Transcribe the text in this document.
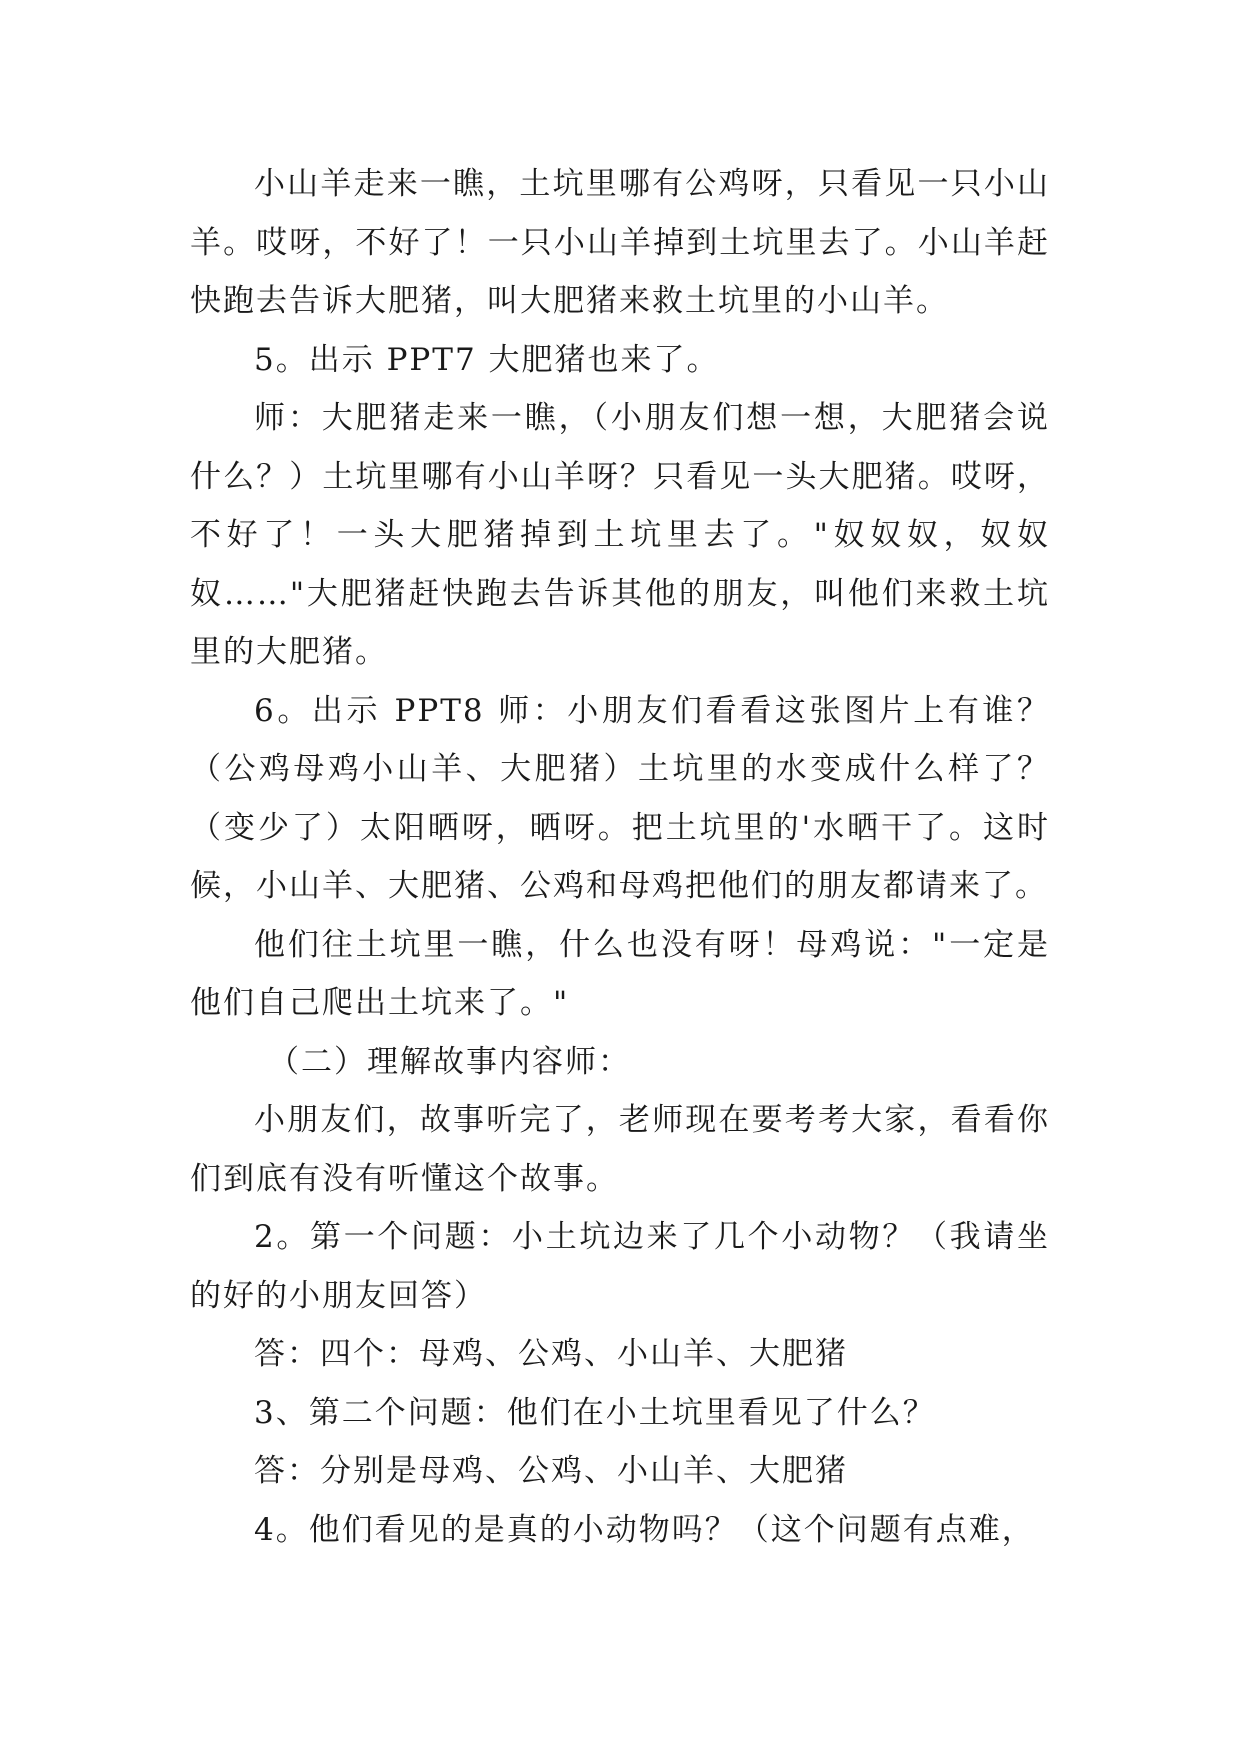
小山羊走来一瞧，土坑里哪有公鸡呀，只看见一只小山羊。哎呀，不好了！一只小山羊掉到土坑里去了。小山羊赶快跑去告诉大肥猪，叫大肥猪来救土坑里的小山羊。

5。出示 PPT7 大肥猪也来了。

师：大肥猪走来一瞧，（小朋友们想一想，大肥猪会说什么？）土坑里哪有小山羊呀？只看见一头大肥猪。哎呀，不好了！一头大肥猪掉到土坑里去了。"奴奴奴，奴奴奴……"大肥猪赶快跑去告诉其他的朋友，叫他们来救土坑里的大肥猪。

6。出示 PPT8 师：小朋友们看看这张图片上有谁？（公鸡母鸡小山羊、大肥猪）土坑里的水变成什么样了？（变少了）太阳晒呀，晒呀。把土坑里的'水晒干了。这时候，小山羊、大肥猪、公鸡和母鸡把他们的朋友都请来了。

他们往土坑里一瞧，什么也没有呀！母鸡说："一定是他们自己爬出土坑来了。"

（二）理解故事内容师：

小朋友们，故事听完了，老师现在要考考大家，看看你们到底有没有听懂这个故事。

2。第一个问题：小土坑边来了几个小动物？（我请坐的好的小朋友回答）

答：四个：母鸡、公鸡、小山羊、大肥猪

3、第二个问题：他们在小土坑里看见了什么？

答：分别是母鸡、公鸡、小山羊、大肥猪

4。他们看见的是真的小动物吗？（这个问题有点难，
